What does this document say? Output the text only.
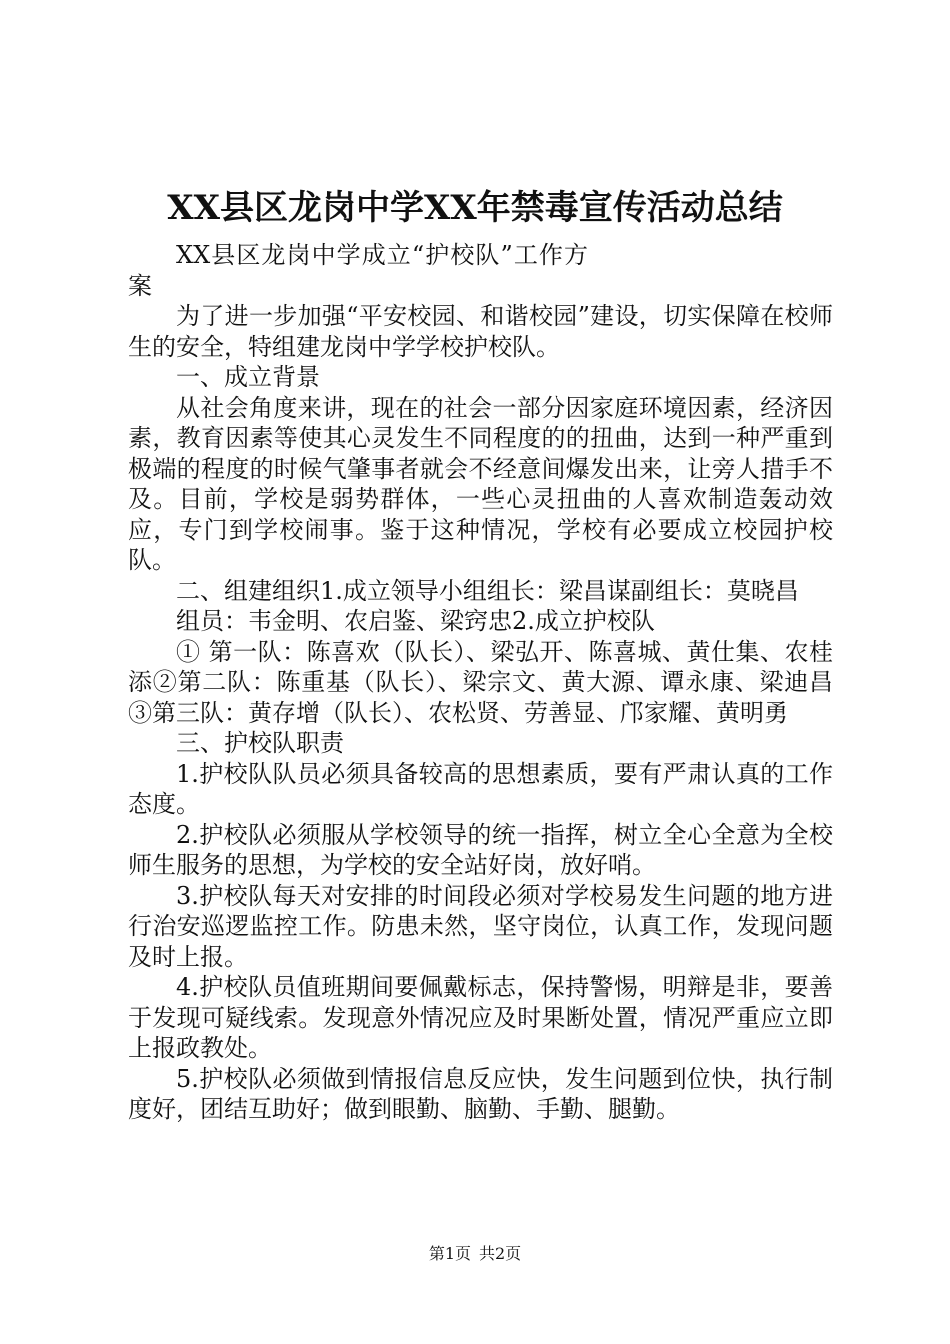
XX县区龙岗中学XX年禁毒宣传活动总结

XX县区龙岗中学成立“护校队”工作方案

为了进一步加强“平安校园、和谐校园”建设，切实保障在校师生的安全，特组建龙岗中学学校护校队。

一、成立背景

从社会角度来讲，现在的社会一部分因家庭环境因素，经济因素，教育因素等使其心灵发生不同程度的的扭曲，达到一种严重到极端的程度的时候气肇事者就会不经意间爆发出来，让旁人措手不及。目前，学校是弱势群体，一些心灵扭曲的人喜欢制造轰动效应，专门到学校闹事。鉴于这种情况，学校有必要成立校园护校队。

二、组建组织1.成立领导小组组长：梁昌谋副组长：莫晓昌

组员：韦金明、农启鉴、梁窍忠2.成立护校队

① 第一队：陈喜欢（队长）、梁弘开、陈喜城、黄仕集、农桂添②第二队：陈重基（队长）、梁宗文、黄大源、谭永康、梁迪昌③第三队：黄存增（队长）、农松贤、劳善显、邝家耀、黄明勇

三、护校队职责

1.护校队队员必须具备较高的思想素质，要有严肃认真的工作态度。

2.护校队必须服从学校领导的统一指挥，树立全心全意为全校师生服务的思想，为学校的安全站好岗，放好哨。

3.护校队每天对安排的时间段必须对学校易发生问题的地方进行治安巡逻监控工作。防患未然，坚守岗位，认真工作，发现问题及时上报。

4.护校队员值班期间要佩戴标志，保持警惕，明辩是非，要善于发现可疑线索。发现意外情况应及时果断处置，情况严重应立即上报政教处。

5.护校队必须做到情报信息反应快，发生问题到位快，执行制度好，团结互助好；做到眼勤、脑勤、手勤、腿勤。

第1页 共2页
